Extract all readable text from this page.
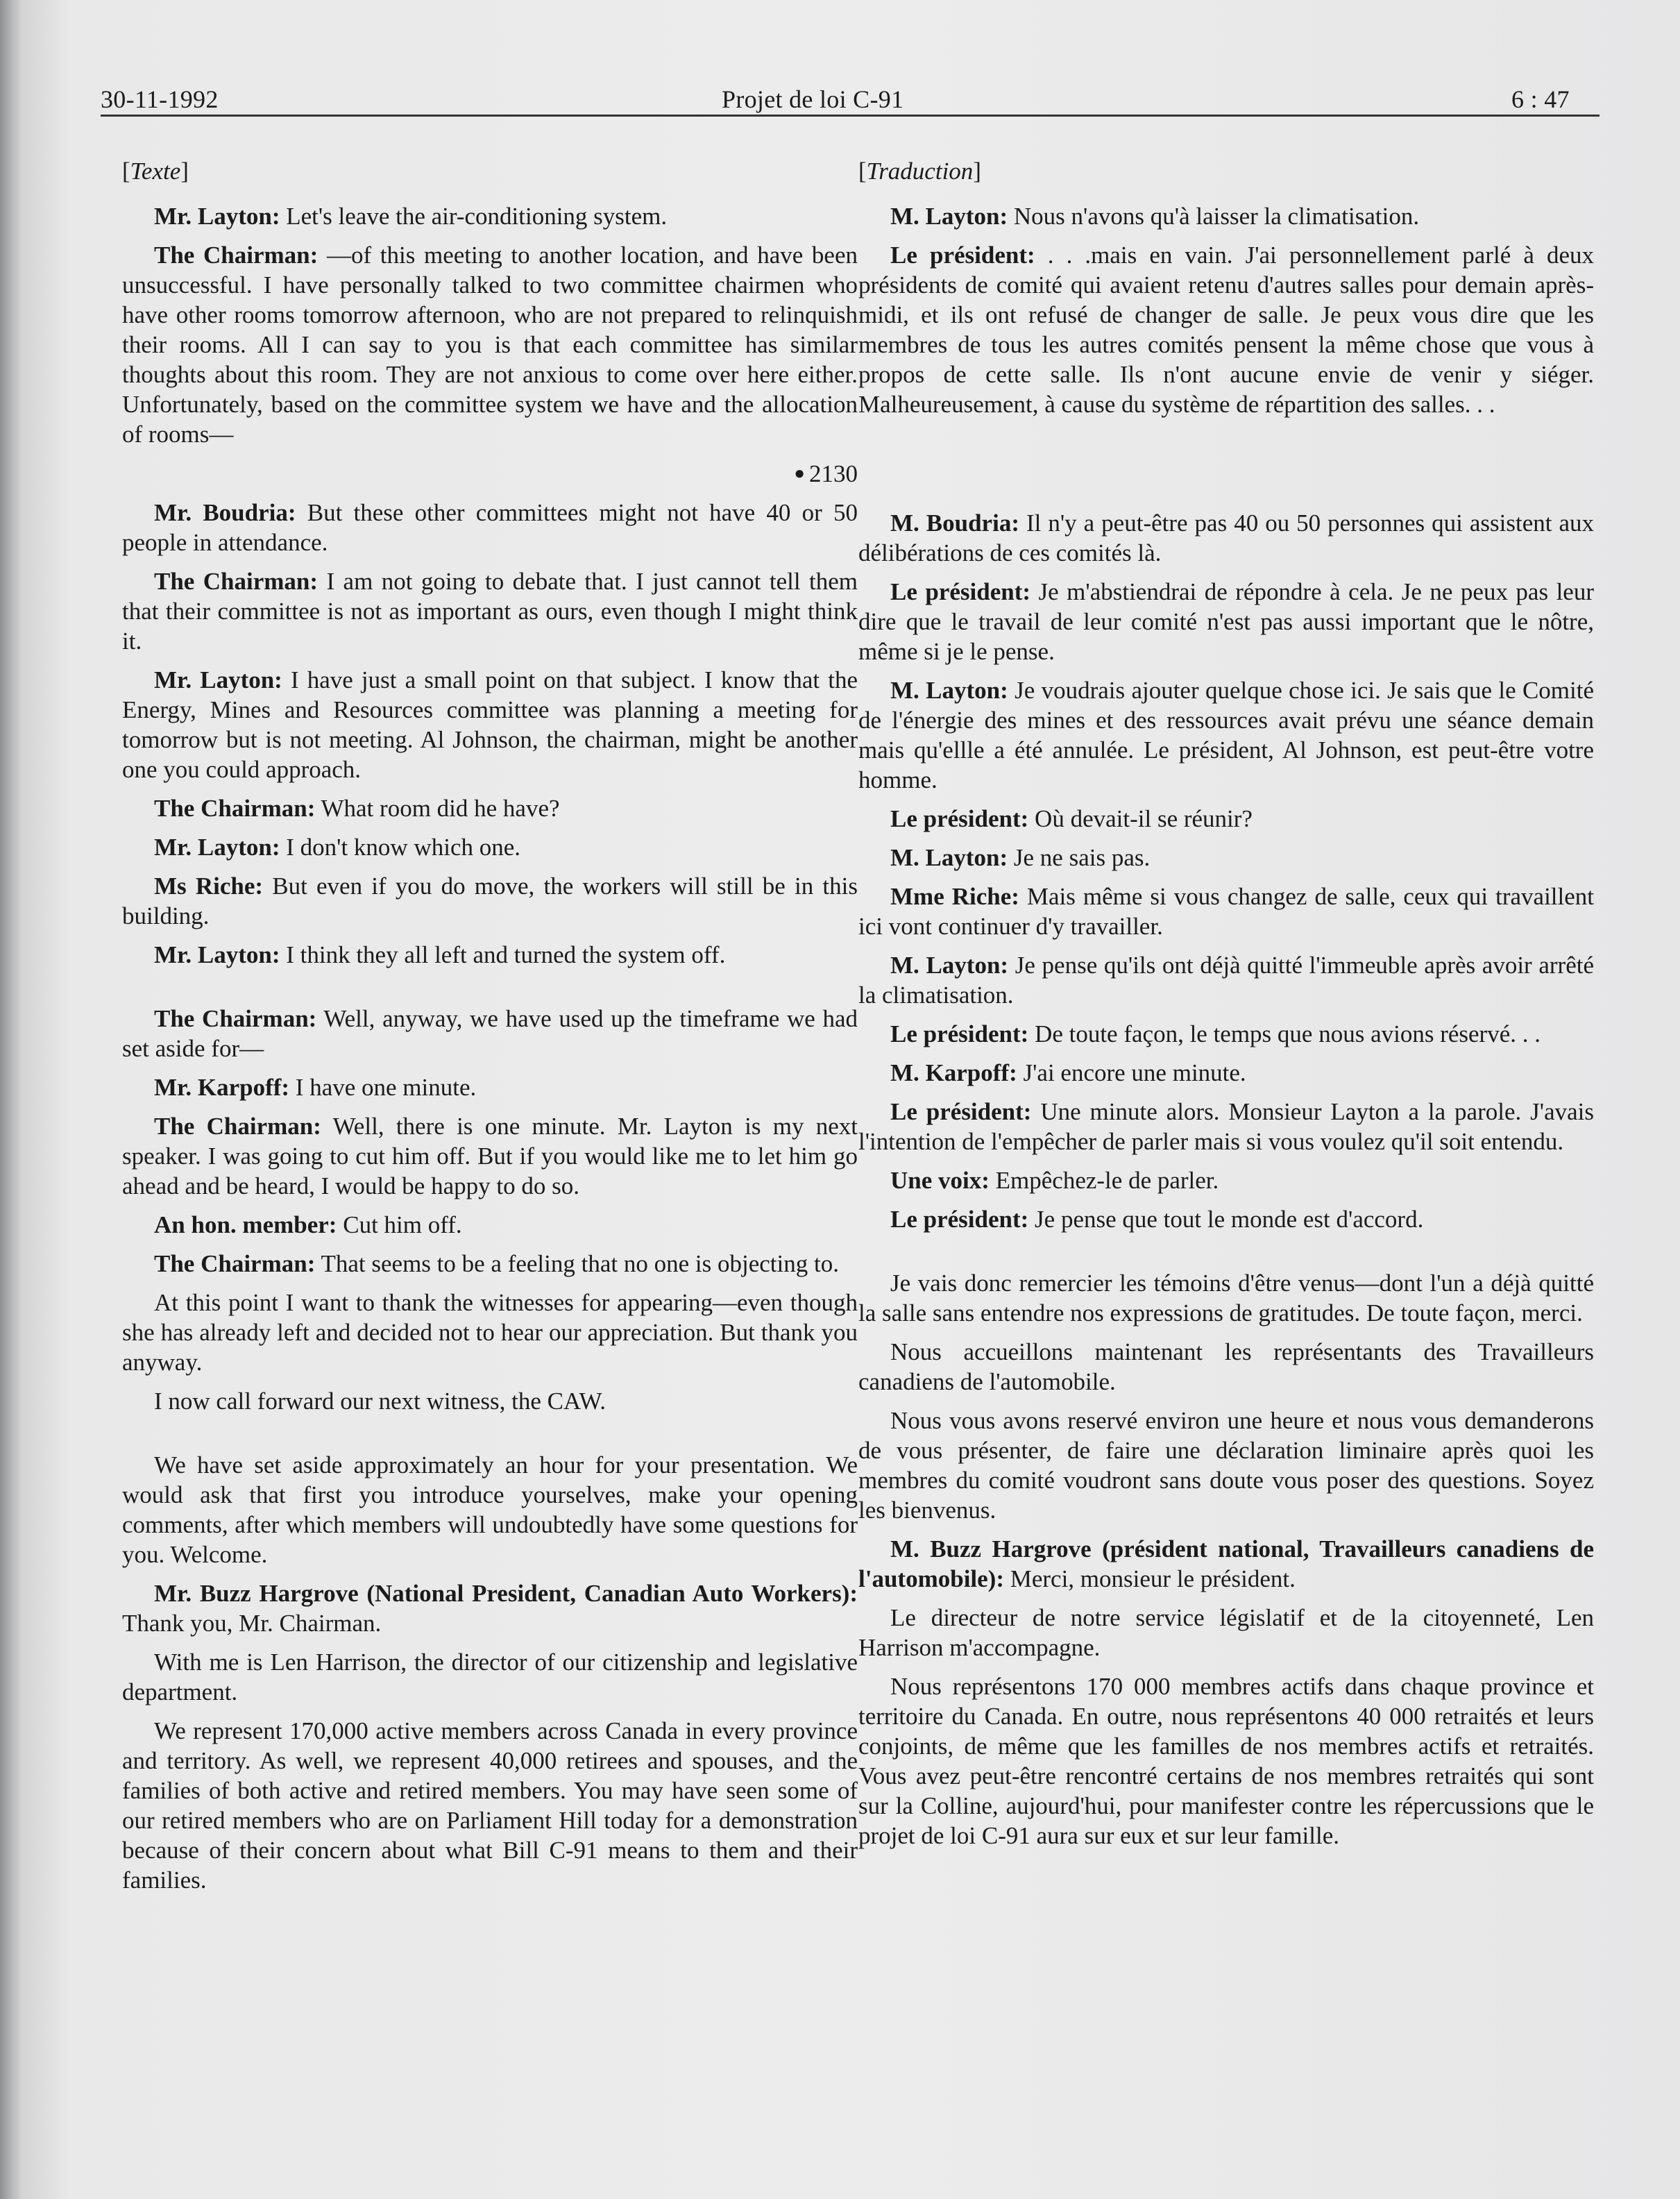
30-11-1992	Projet de loi C-91	6 : 47

[Texte]

Mr. Layton: Let's leave the air-conditioning system.

The Chairman: —of this meeting to another location, and have been unsuccessful. I have personally talked to two committee chairmen who have other rooms tomorrow afternoon, who are not prepared to relinquish their rooms. All I can say to you is that each committee has similar thoughts about this room. They are not anxious to come over here either. Unfortunately, based on the committee system we have and the allocation of rooms—

● 2130

Mr. Boudria: But these other committees might not have 40 or 50 people in attendance.

The Chairman: I am not going to debate that. I just cannot tell them that their committee is not as important as ours, even though I might think it.

Mr. Layton: I have just a small point on that subject. I know that the Energy, Mines and Resources committee was planning a meeting for tomorrow but is not meeting. Al Johnson, the chairman, might be another one you could approach.

The Chairman: What room did he have?

Mr. Layton: I don't know which one.

Ms Riche: But even if you do move, the workers will still be in this building.

Mr. Layton: I think they all left and turned the system off.

The Chairman: Well, anyway, we have used up the timeframe we had set aside for—

Mr. Karpoff: I have one minute.

The Chairman: Well, there is one minute. Mr. Layton is my next speaker. I was going to cut him off. But if you would like me to let him go ahead and be heard, I would be happy to do so.

An hon. member: Cut him off.

The Chairman: That seems to be a feeling that no one is objecting to.

At this point I want to thank the witnesses for appearing—even though she has already left and decided not to hear our appreciation. But thank you anyway.

I now call forward our next witness, the CAW.

We have set aside approximately an hour for your presentation. We would ask that first you introduce yourselves, make your opening comments, after which members will undoubtedly have some questions for you. Welcome.

Mr. Buzz Hargrove (National President, Canadian Auto Workers): Thank you, Mr. Chairman.

With me is Len Harrison, the director of our citizenship and legislative department.

We represent 170,000 active members across Canada in every province and territory. As well, we represent 40,000 retirees and spouses, and the families of both active and retired members. You may have seen some of our retired members who are on Parliament Hill today for a demonstration because of their concern about what Bill C-91 means to them and their families.

[Traduction]

M. Layton: Nous n'avons qu'à laisser la climatisation.

Le président: . . .mais en vain. J'ai personnellement parlé à deux présidents de comité qui avaient retenu d'autres salles pour demain après-midi, et ils ont refusé de changer de salle. Je peux vous dire que les membres de tous les autres comités pensent la même chose que vous à propos de cette salle. Ils n'ont aucune envie de venir y siéger. Malheureusement, à cause du système de répartition des salles. . .

M. Boudria: Il n'y a peut-être pas 40 ou 50 personnes qui assistent aux délibérations de ces comités là.

Le président: Je m'abstiendrai de répondre à cela. Je ne peux pas leur dire que le travail de leur comité n'est pas aussi important que le nôtre, même si je le pense.

M. Layton: Je voudrais ajouter quelque chose ici. Je sais que le Comité de l'énergie des mines et des ressources avait prévu une séance demain mais qu'ellle a été annulée. Le président, Al Johnson, est peut-être votre homme.

Le président: Où devait-il se réunir?

M. Layton: Je ne sais pas.

Mme Riche: Mais même si vous changez de salle, ceux qui travaillent ici vont continuer d'y travailler.

M. Layton: Je pense qu'ils ont déjà quitté l'immeuble après avoir arrêté la climatisation.

Le président: De toute façon, le temps que nous avions réservé. . .

M. Karpoff: J'ai encore une minute.

Le président: Une minute alors. Monsieur Layton a la parole. J'avais l'intention de l'empêcher de parler mais si vous voulez qu'il soit entendu.

Une voix: Empêchez-le de parler.

Le président: Je pense que tout le monde est d'accord.

Je vais donc remercier les témoins d'être venus—dont l'un a déjà quitté la salle sans entendre nos expressions de gratitudes. De toute façon, merci.

Nous accueillons maintenant les représentants des Travailleurs canadiens de l'automobile.

Nous vous avons reservé environ une heure et nous vous demanderons de vous présenter, de faire une déclaration liminaire après quoi les membres du comité voudront sans doute vous poser des questions. Soyez les bienvenus.

M. Buzz Hargrove (président national, Travailleurs canadiens de l'automobile): Merci, monsieur le président.

Le directeur de notre service législatif et de la citoyenneté, Len Harrison m'accompagne.

Nous représentons 170 000 membres actifs dans chaque province et territoire du Canada. En outre, nous représentons 40 000 retraités et leurs conjoints, de même que les familles de nos membres actifs et retraités. Vous avez peut-être rencontré certains de nos membres retraités qui sont sur la Colline, aujourd'hui, pour manifester contre les répercussions que le projet de loi C-91 aura sur eux et sur leur famille.
